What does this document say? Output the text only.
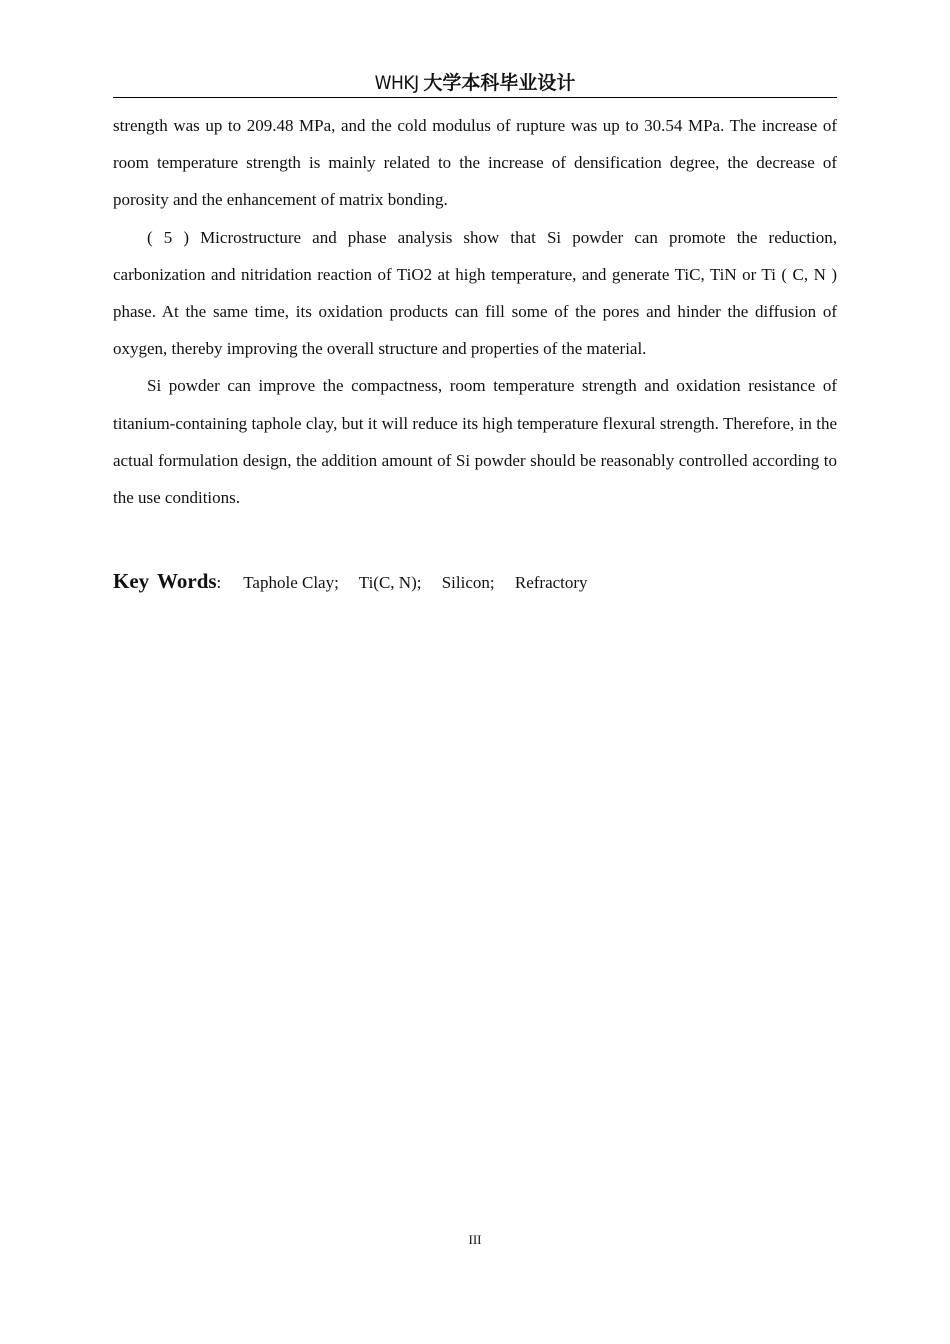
WHKJ 大学本科毕业设计

strength was up to 209.48 MPa, and the cold modulus of rupture was up to 30.54 MPa. The increase of room temperature strength is mainly related to the increase of densification degree, the decrease of porosity and the enhancement of matrix bonding.

( 5 ) Microstructure and phase analysis show that Si powder can promote the reduction, carbonization and nitridation reaction of TiO2 at high temperature, and generate TiC, TiN or Ti ( C, N ) phase. At the same time, its oxidation products can fill some of the pores and hinder the diffusion of oxygen, thereby improving the overall structure and properties of the material.

Si powder can improve the compactness, room temperature strength and oxidation resistance of titanium-containing taphole clay, but it will reduce its high temperature flexural strength. Therefore, in the actual formulation design, the addition amount of Si powder should be reasonably controlled according to the use conditions.

Key Words: Taphole Clay; Ti(C, N); Silicon; Refractory
III
